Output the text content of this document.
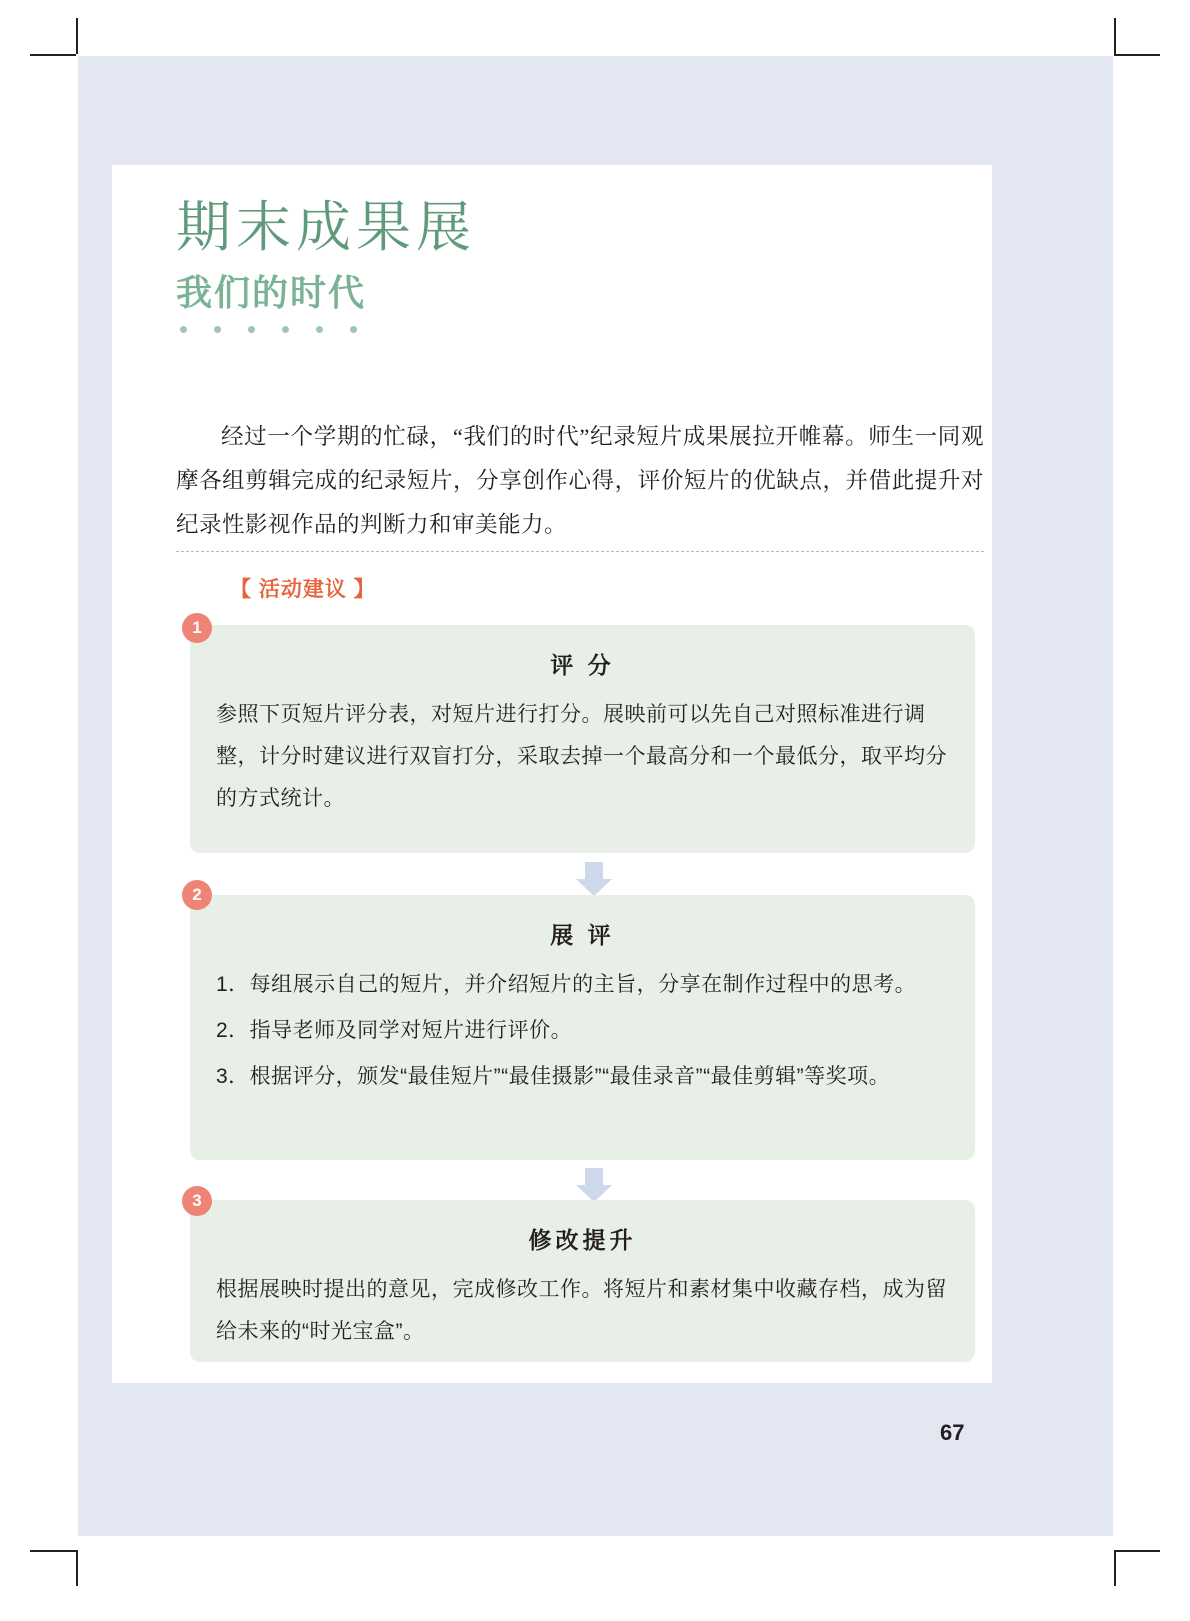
期末成果展
我们的时代
经过一个学期的忙碌，“我们的时代”纪录短片成果展拉开帷幕。师生一同观摩各组剪辑完成的纪录短片，分享创作心得，评价短片的优缺点，并借此提升对纪录性影视作品的判断力和审美能力。
【 活动建议 】
1
评 分

参照下页短片评分表，对短片进行打分。展映前可以先自己对照标准进行调整，计分时建议进行双盲打分，采取去掉一个最高分和一个最低分，取平均分的方式统计。

2
展 评

1．每组展示自己的短片，并介绍短片的主旨，分享在制作过程中的思考。

2．指导老师及同学对短片进行评价。

3．根据评分，颁发“最佳短片”“最佳摄影”“最佳录音”“最佳剪辑”等奖项。

3
修改提升

根据展映时提出的意见，完成修改工作。将短片和素材集中收藏存档，成为留给未来的“时光宝盒”。

67
